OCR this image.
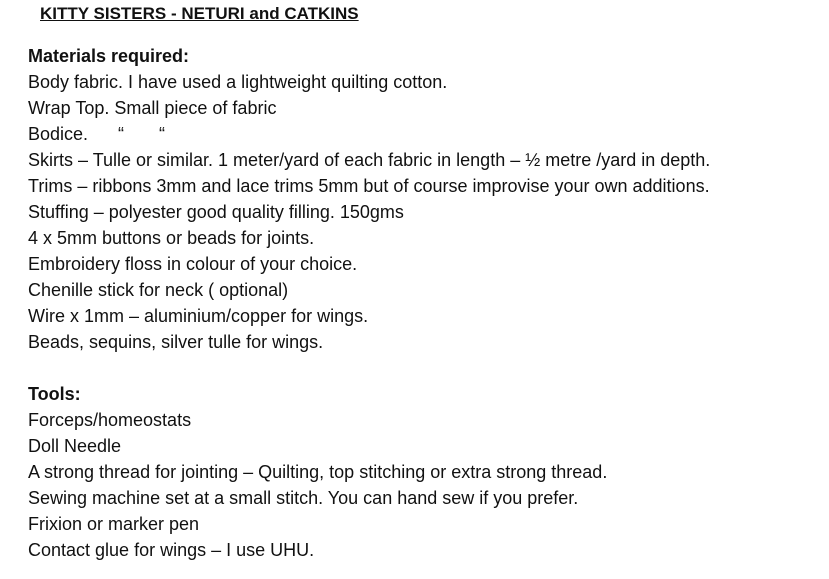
KITTY SISTERS - NETURI and CATKINS
Materials required:
Body fabric. I have used a lightweight quilting cotton.
Wrap Top. Small piece of fabric
Bodice.      “       “
Skirts – Tulle or similar. 1 meter/yard of each fabric in length – ½ metre /yard in depth.
Trims – ribbons 3mm and lace trims 5mm but of course improvise your own additions.
Stuffing – polyester good quality filling. 150gms
4 x 5mm buttons or beads for joints.
Embroidery floss in colour of your choice.
Chenille stick for neck ( optional)
Wire x 1mm – aluminium/copper for wings.
Beads, sequins, silver tulle for wings.
Tools:
Forceps/homeostats
Doll Needle
A strong thread for jointing – Quilting, top stitching or extra strong thread.
Sewing machine set at a small stitch. You can hand sew if you prefer.
Frixion or marker pen
Contact glue for wings – I use UHU.
